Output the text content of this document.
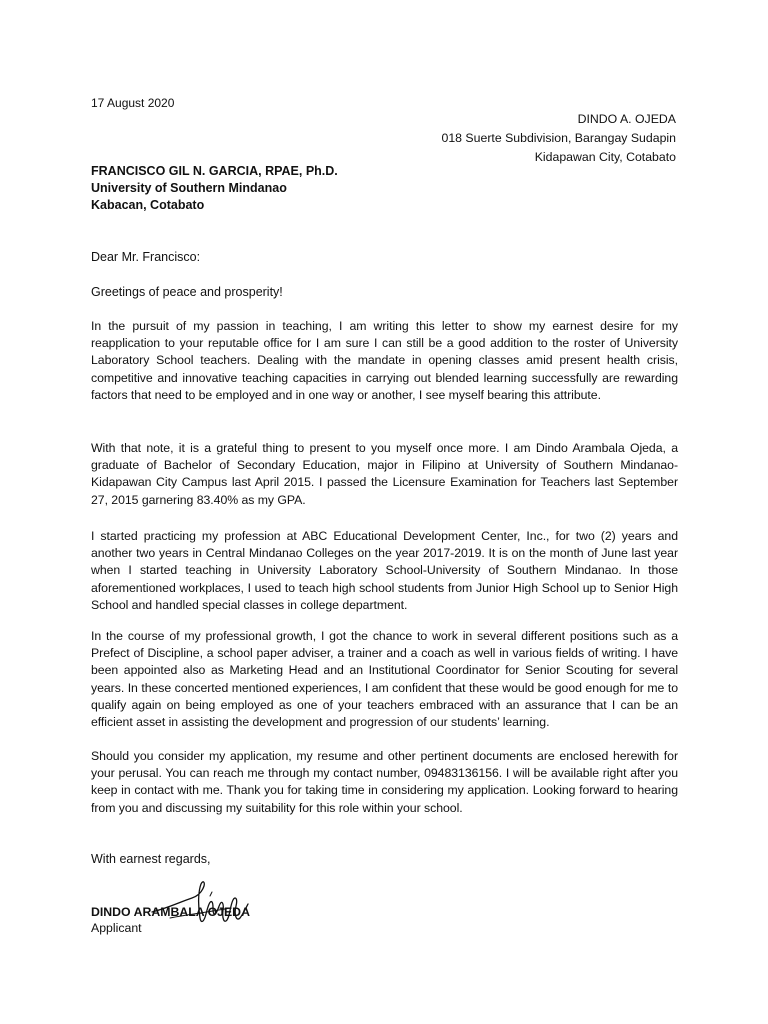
17 August 2020
DINDO A. OJEDA
018 Suerte Subdivision, Barangay Sudapin
Kidapawan City, Cotabato
FRANCISCO GIL N. GARCIA, RPAE, Ph.D.
University of Southern Mindanao
Kabacan, Cotabato
Dear Mr. Francisco:
Greetings of peace and prosperity!

In the pursuit of my passion in teaching, I am writing this letter to show my earnest desire for my reapplication to your reputable office for I am sure I can still be a good addition to the roster of University Laboratory School teachers. Dealing with the mandate in opening classes amid present health crisis, competitive and innovative teaching capacities in carrying out blended learning successfully are rewarding factors that need to be employed and in one way or another, I see myself bearing this attribute.

With that note, it is a grateful thing to present to you myself once more. I am Dindo Arambala Ojeda, a graduate of Bachelor of Secondary Education, major in Filipino at University of Southern Mindanao-Kidapawan City Campus last April 2015. I passed the Licensure Examination for Teachers last September 27, 2015 garnering 83.40% as my GPA.

I started practicing my profession at ABC Educational Development Center, Inc., for two (2) years and another two years in Central Mindanao Colleges on the year 2017-2019. It is on the month of June last year when I started teaching in University Laboratory School-University of Southern Mindanao. In those aforementioned workplaces, I used to teach high school students from Junior High School up to Senior High School and handled special classes in college department.

In the course of my professional growth, I got the chance to work in several different positions such as a Prefect of Discipline, a school paper adviser, a trainer and a coach as well in various fields of writing. I have been appointed also as Marketing Head and an Institutional Coordinator for Senior Scouting for several years. In these concerted mentioned experiences, I am confident that these would be good enough for me to qualify again on being employed as one of your teachers embraced with an assurance that I can be an efficient asset in assisting the development and progression of our students’ learning.

Should you consider my application, my resume and other pertinent documents are enclosed herewith for your perusal. You can reach me through my contact number, 09483136156. I will be available right after you keep in contact with me. Thank you for taking time in considering my application. Looking forward to hearing from you and discussing my suitability for this role within your school.

With earnest regards,
DINDO ARAMBALA OJEDA
Applicant
